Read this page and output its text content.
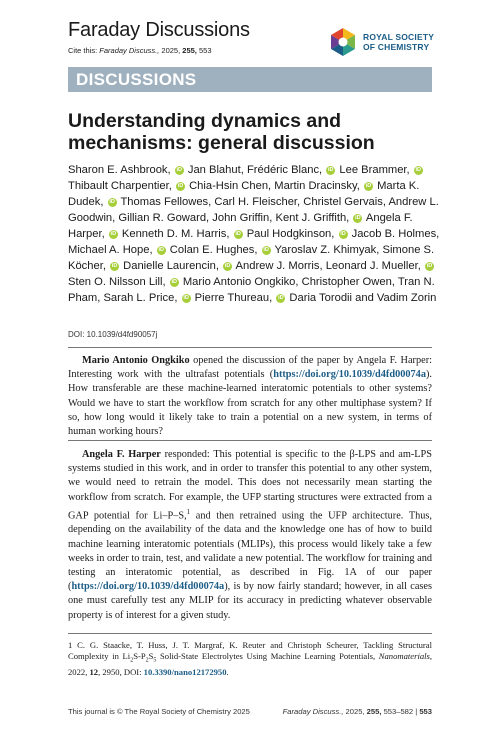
Faraday Discussions
Cite this: Faraday Discuss., 2025, 255, 553
ROYAL SOCIETY
OF CHEMISTRY
DISCUSSIONS
Understanding dynamics and mechanisms: general discussion
Sharon E. Ashbrook, iD Jan Blahut, Frédéric Blanc, iD Lee Brammer, iD Thibault Charpentier, iD Chia-Hsin Chen, Martin Dracinsky, iD Marta K. Dudek, iD Thomas Fellowes, Carl H. Fleischer, Christel Gervais, Andrew L. Goodwin, Gillian R. Goward, John Griffin, Kent J. Griffith, iD Angela F. Harper, iD Kenneth D. M. Harris, iD Paul Hodgkinson, iD Jacob B. Holmes, Michael A. Hope, iD Colan E. Hughes, iD Yaroslav Z. Khimyak, Simone S. Köcher, iD Danielle Laurencin, iD Andrew J. Morris, Leonard J. Mueller, iD Sten O. Nilsson Lill, iD Mario Antonio Ongkiko, Christopher Owen, Tran N. Pham, Sarah L. Price, iD Pierre Thureau, iD Daria Torodii and Vadim Zorin
DOI: 10.1039/d4fd90057j

Mario Antonio Ongkiko opened the discussion of the paper by Angela F. Harper: Interesting work with the ultrafast potentials (https://doi.org/10.1039/d4fd00074a). How transferable are these machine-learned interatomic potentials to other systems? Would we have to start the workflow from scratch for any other multiphase system? If so, how long would it likely take to train a potential on a new system, in terms of human working hours?

Angela F. Harper responded: This potential is specific to the β-LPS and am-LPS systems studied in this work, and in order to transfer this potential to any other system, we would need to retrain the model. This does not necessarily mean starting the workflow from scratch. For example, the UFP starting structures were extracted from a GAP potential for Li–P–S,$^1$ and then retrained using the UFP architecture. Thus, depending on the availability of the data and the knowledge one has of how to build machine learning interatomic potentials (MLIPs), this process would likely take a few weeks in order to train, test, and validate a new potential. The workflow for training and testing an interatomic potential, as described in Fig. 1A of our paper (https://doi.org/10.1039/d4fd00074a), is by now fairly standard; however, in all cases one must carefully test any MLIP for its accuracy in predicting whatever observable property is of interest for a given study.

1 C. G. Staacke, T. Huss, J. T. Margraf, K. Reuter and Christoph Scheurer, Tackling Structural Complexity in $Li_2S-P_2S_5$ Solid-State Electrolytes Using Machine Learning Potentials, Nanomaterials, 2022, 12, 2950, DOI: 10.3390/nano12172950.
This journal is © The Royal Society of Chemistry 2025	Faraday Discuss., 2025, 255, 553–582 | 553
